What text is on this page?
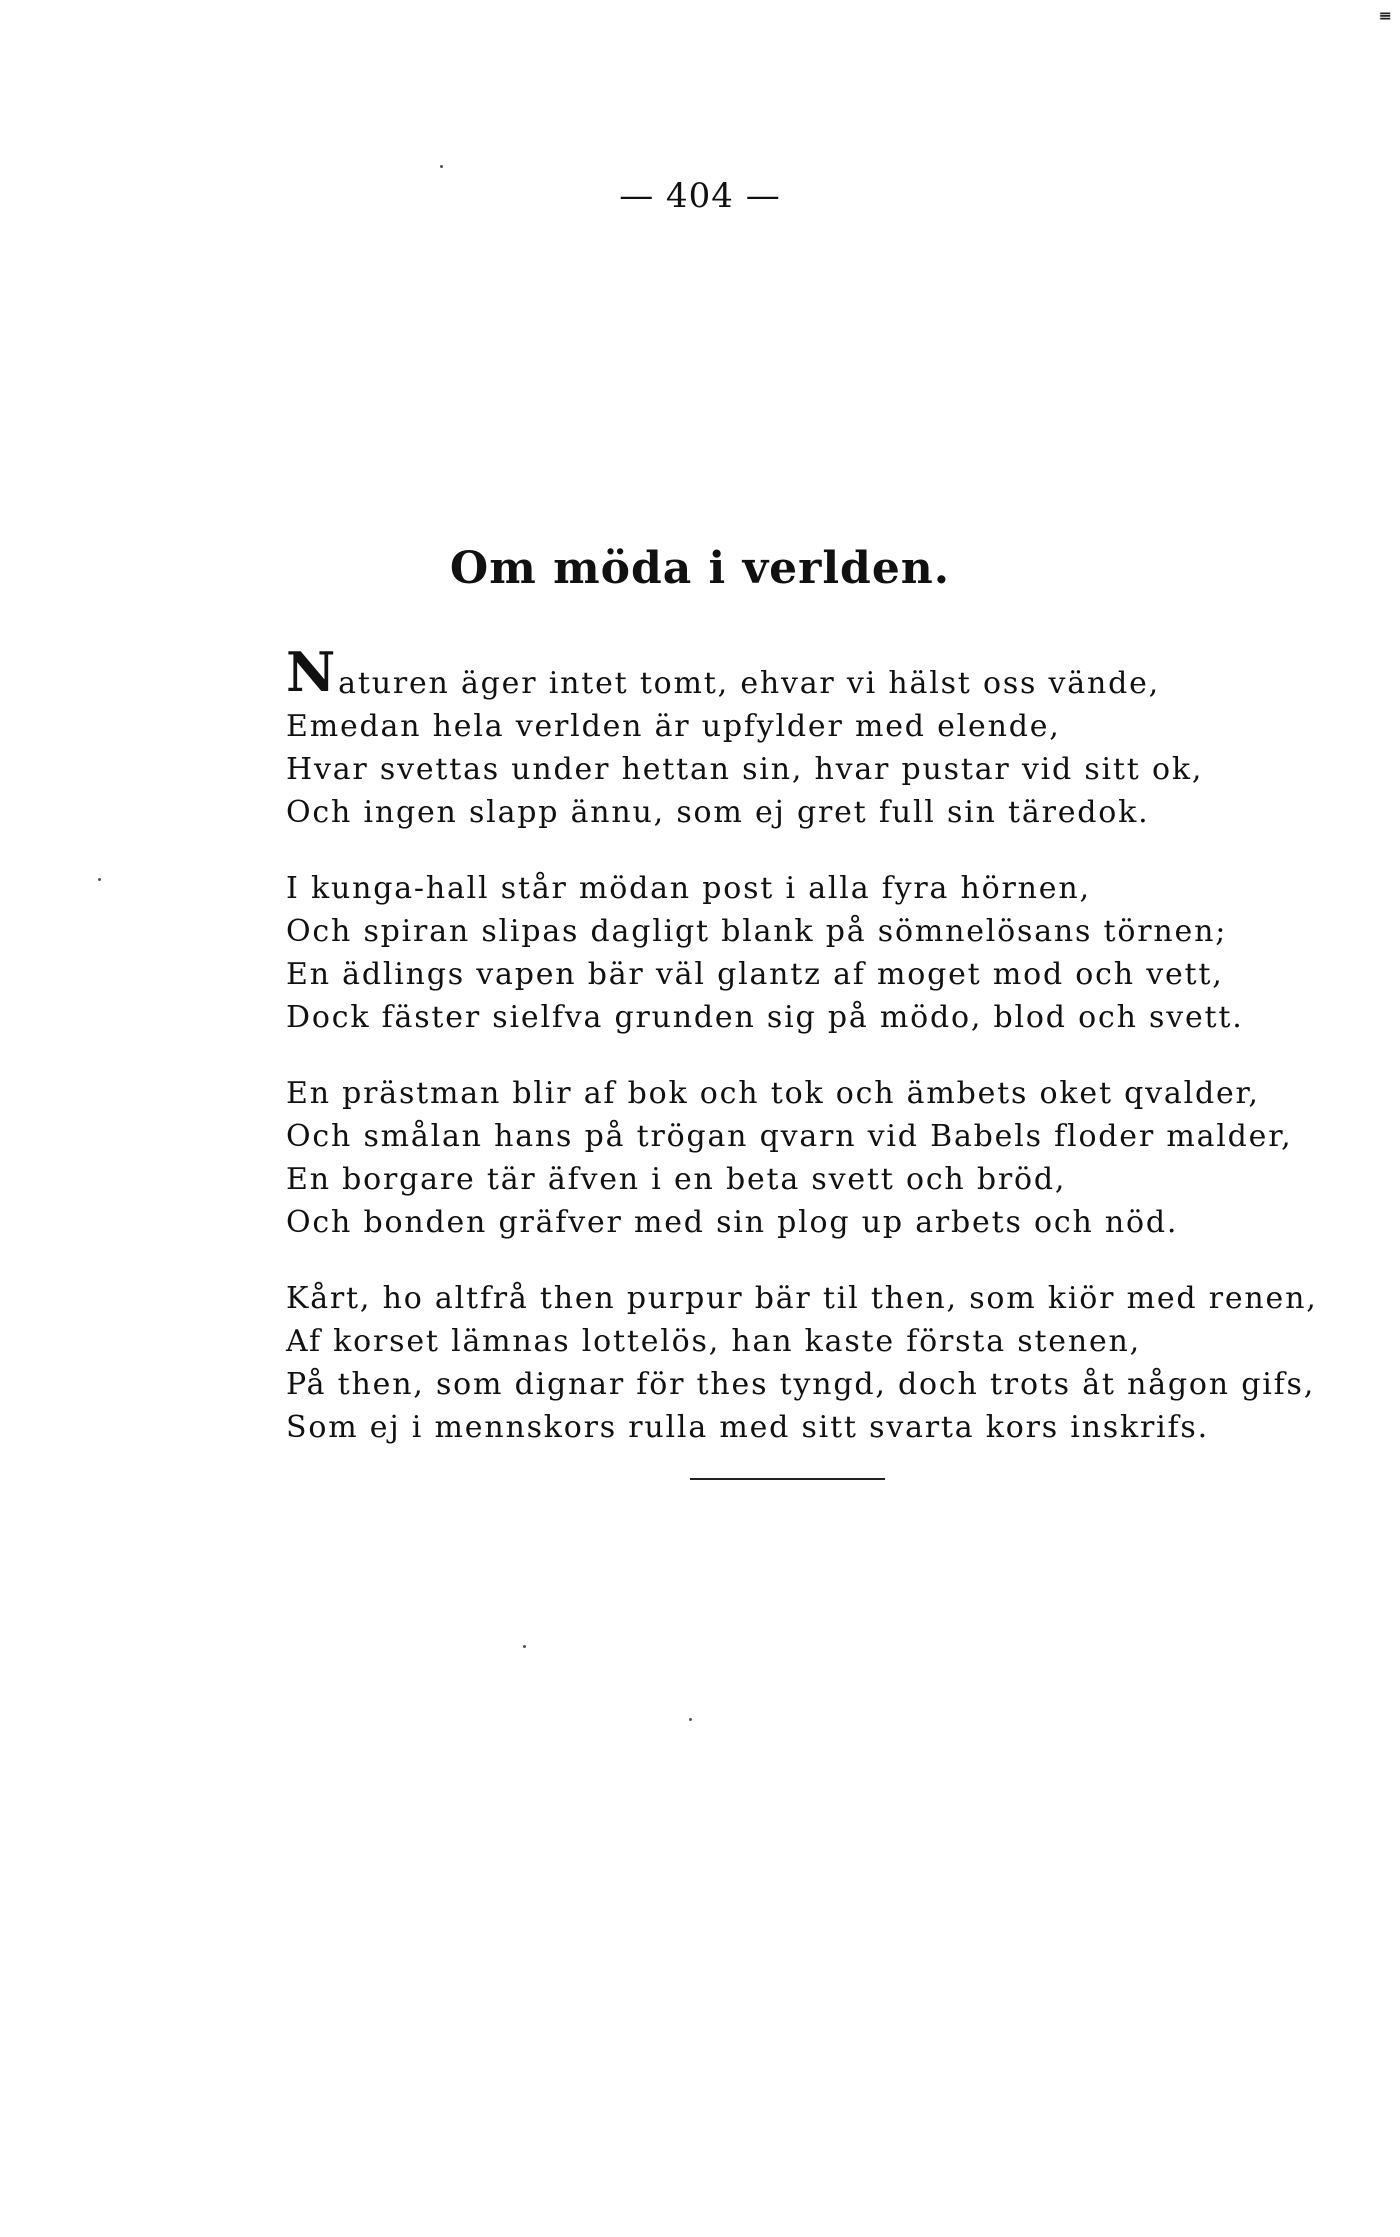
≡
— 404 —
Om möda i verlden.
Naturen äger intet tomt, ehvar vi hälst oss vände,
Emedan hela verlden är upfylder med elende,
Hvar svettas under hettan sin, hvar pustar vid sitt ok,
Och ingen slapp ännu, som ej gret full sin täredok.
I kunga-hall står mödan post i alla fyra hörnen,
Och spiran slipas dagligt blank på sömnelösans törnen;
En ädlings vapen bär väl glantz af moget mod och vett,
Dock fäster sielfva grunden sig på mödo, blod och svett.
En prästman blir af bok och tok och ämbets oket qvalder,
Och smålan hans på trögan qvarn vid Babels floder malder,
En borgare tär äfven i en beta svett och bröd,
Och bonden gräfver med sin plog up arbets och nöd.
Kårt, ho altfrå then purpur bär til then, som kiör med renen,
Af korset lämnas lottelös, han kaste första stenen,
På then, som dignar för thes tyngd, doch trots åt någon gifs,
Som ej i mennskors rulla med sitt svarta kors inskrifs.
